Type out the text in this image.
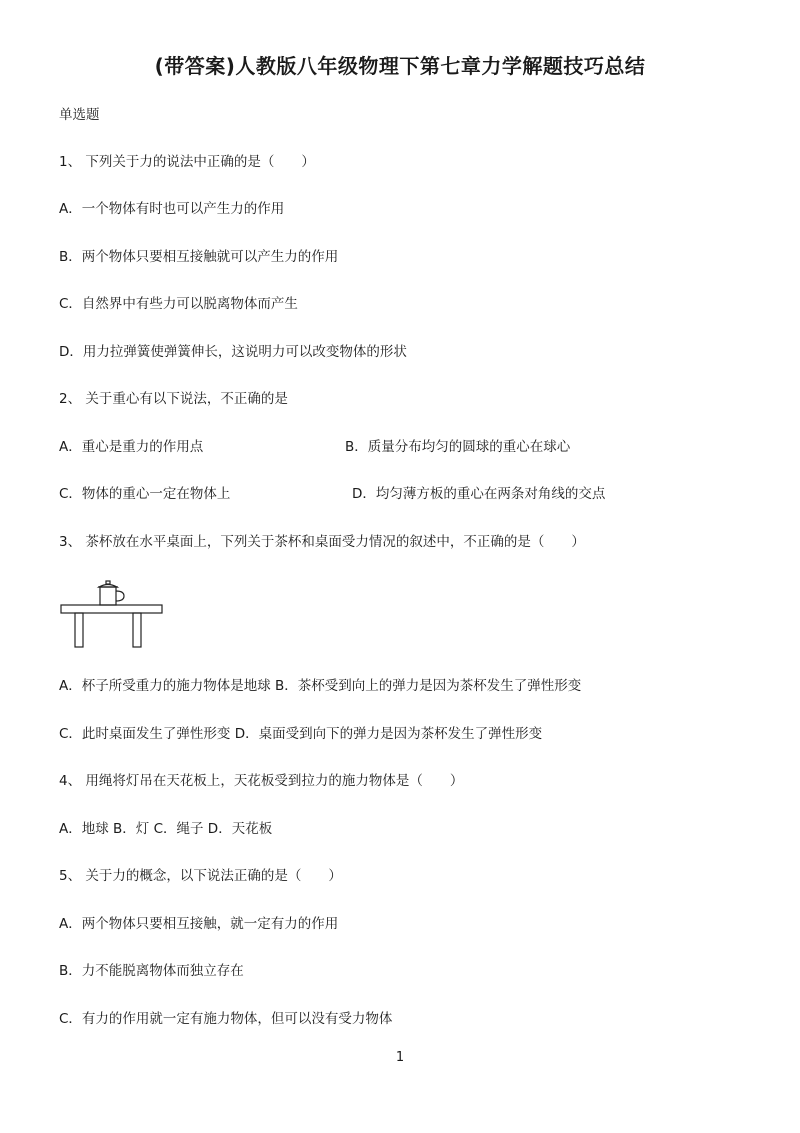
(带答案)人教版八年级物理下第七章力学解题技巧总结
单选题
1、 下列关于力的说法中正确的是（　　）
A．一个物体有时也可以产生力的作用
B．两个物体只要相互接触就可以产生力的作用
C．自然界中有些力可以脱离物体而产生
D．用力拉弹簧使弹簧伸长，这说明力可以改变物体的形状
2、 关于重心有以下说法，不正确的是
A．重心是重力的作用点	B．质量分布均匀的圆球的重心在球心
C．物体的重心一定在物体上	D．均匀薄方板的重心在两条对角线的交点
3、 茶杯放在水平桌面上，下列关于茶杯和桌面受力情况的叙述中，不正确的是（　　）
A．杯子所受重力的施力物体是地球 B．茶杯受到向上的弹力是因为茶杯发生了弹性形变
C．此时桌面发生了弹性形变 D．桌面受到向下的弹力是因为茶杯发生了弹性形变
4、 用绳将灯吊在天花板上，天花板受到拉力的施力物体是（　　）
A．地球 B．灯 C．绳子 D．天花板
5、 关于力的概念，以下说法正确的是（　　）
A．两个物体只要相互接触，就一定有力的作用
B．力不能脱离物体而独立存在
C．有力的作用就一定有施力物体，但可以没有受力物体
1
